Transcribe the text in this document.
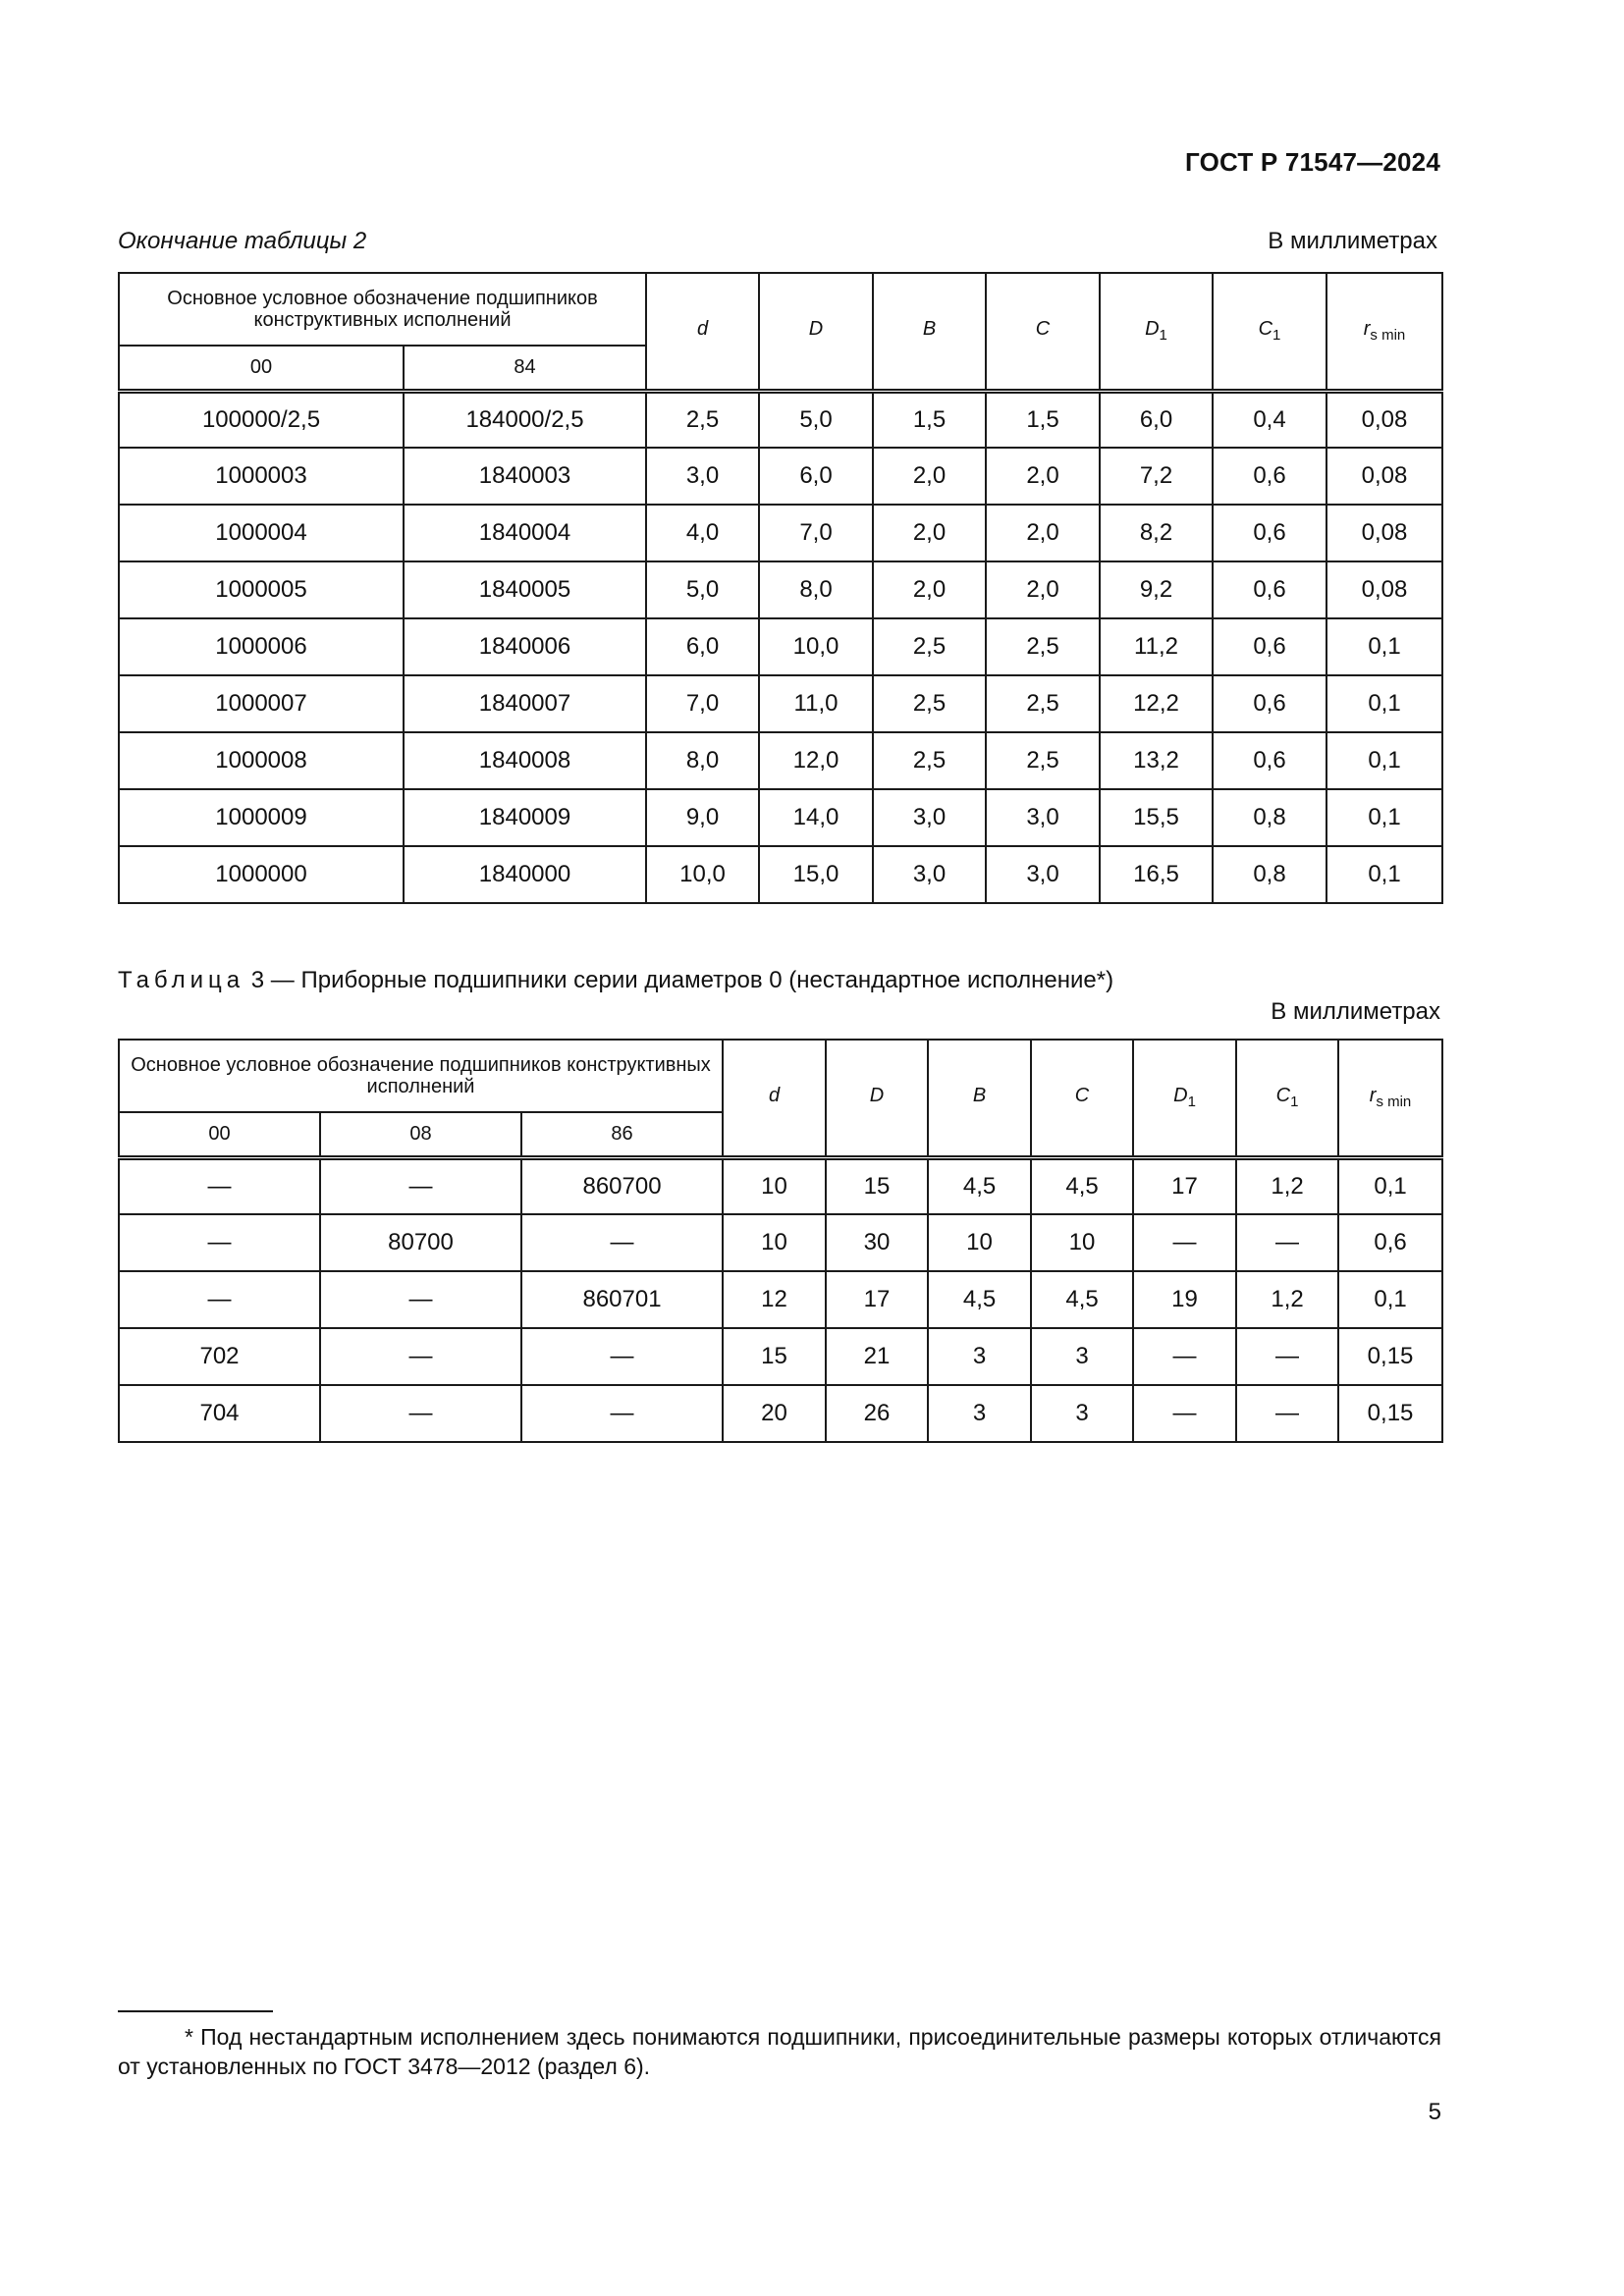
ГОСТ Р 71547—2024
Окончание таблицы 2	В миллиметрах
Основное условное обозначение подшипников конструктивных исполнений		d	D	B	C	$D_1$	$C_1$	$r_{s min}$
00	84							
100000/2,5	184000/2,5	2,5	5,0	1,5	1,5	6,0	0,4	0,08
1000003	1840003	3,0	6,0	2,0	2,0	7,2	0,6	0,08
1000004	1840004	4,0	7,0	2,0	2,0	8,2	0,6	0,08
1000005	1840005	5,0	8,0	2,0	2,0	9,2	0,6	0,08
1000006	1840006	6,0	10,0	2,5	2,5	11,2	0,6	0,1
1000007	1840007	7,0	11,0	2,5	2,5	12,2	0,6	0,1
1000008	1840008	8,0	12,0	2,5	2,5	13,2	0,6	0,1
1000009	1840009	9,0	14,0	3,0	3,0	15,5	0,8	0,1
1000000	1840000	10,0	15,0	3,0	3,0	16,5	0,8	0,1
Таблица 3 — Приборные подшипники серии диаметров 0 (нестандартное исполнение*)
В миллиметрах
Основное условное обозначение подшипников конструктивных исполнений			d	D	B	C	$D_1$	$C_1$	$r_{s min}$
00	08	86							
—	—	860700	10	15	4,5	4,5	17	1,2	0,1
—	80700	—	10	30	10	10	—	—	0,6
—	—	860701	12	17	4,5	4,5	19	1,2	0,1
702	—	—	15	21	3	3	—	—	0,15
704	—	—	20	26	3	3	—	—	0,15
* Под нестандартным исполнением здесь понимаются подшипники, присоединительные размеры которых отличаются от установленных по ГОСТ 3478—2012 (раздел 6).
5
